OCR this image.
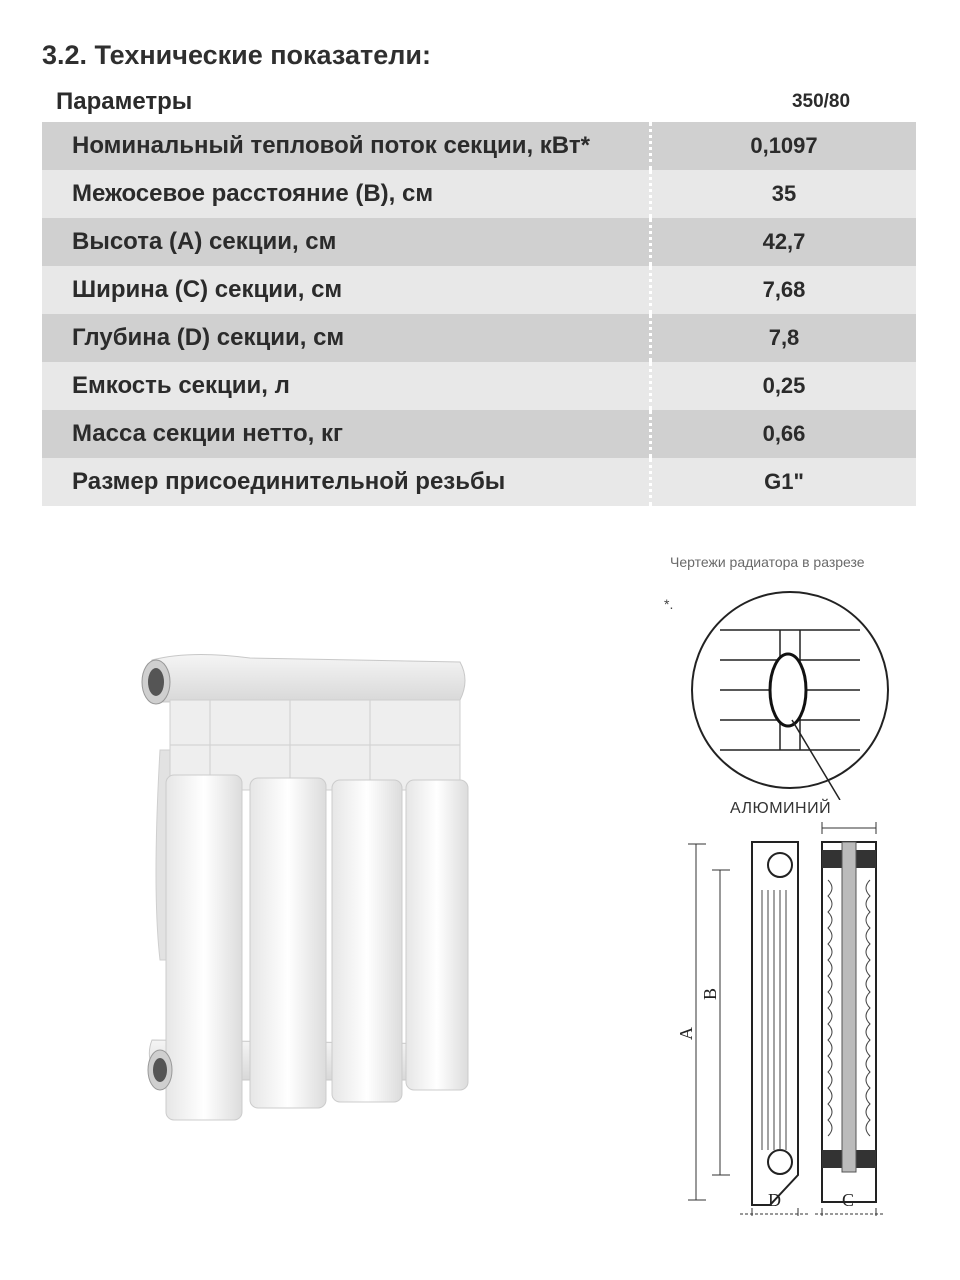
3.2. Технические показатели:
Параметры	350/80
Номинальный тепловой поток секции, кВт*	0,1097
Межосевое расстояние (В), см	35
Высота (А) секции, см	42,7
Ширина (С) секции, см	7,68
Глубина (D) секции, см	7,8
Емкость секции, л	0,25
Масса секции нетто, кг	0,66
Размер присоединительной резьбы	G1"
Чертежи радиатора в разрезе
*.
АЛЮМИНИЙ
A
B
D	C
